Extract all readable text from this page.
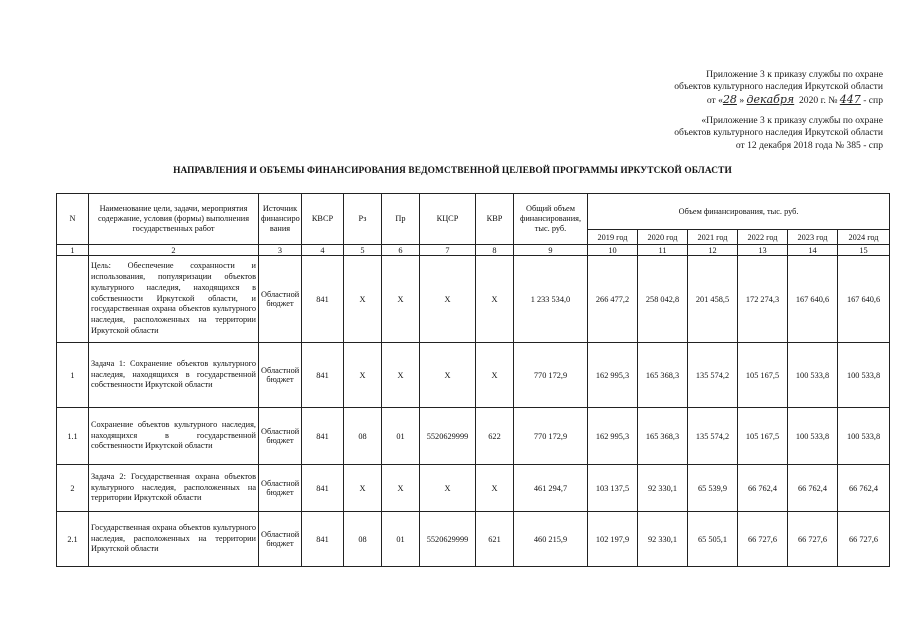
Приложение 3 к приказу службы по охране
объектов культурного наследия Иркутской области
от «28 » декабря 2020 г. № 447 - спр
«Приложение 3 к приказу службы по охране
объектов культурного наследия Иркутской области
от 12 декабря 2018 года № 385 - спр
НАПРАВЛЕНИЯ И ОБЪЕМЫ ФИНАНСИРОВАНИЯ ВЕДОМСТВЕННОЙ ЦЕЛЕВОЙ ПРОГРАММЫ ИРКУТСКОЙ ОБЛАСТИ
N	Наименование цели, задачи, мероприятия содержание, условия (формы) выполнения государственных работ	Источник финансиро вания	КВСР	Рз	Пр	КЦСР	КВР	Общий объем финансирования, тыс. руб.	Объем финансирования, тыс. руб.					
									2019 год	2020 год	2021 год	2022 год	2023 год	2024 год
1	2	3	4	5	6	7	8	9	10	11	12	13	14	15
	Цель: Обеспечение сохранности и использования, популяризации объектов культурного наследия, находящихся в собственности Иркутской области, и государственная охрана объектов культурного наследия, расположенных на территории Иркутской области	Областной бюджет	841	X	X	X	X	1 233 534,0	266 477,2	258 042,8	201 458,5	172 274,3	167 640,6	167 640,6
1	Задача 1: Сохранение объектов культурного наследия, находящихся в государственной собственности Иркутской области	Областной бюджет	841	X	X	X	X	770 172,9	162 995,3	165 368,3	135 574,2	105 167,5	100 533,8	100 533,8
1.1	Сохранение объектов культурного наследия, находящихся в государственной собственности Иркутской области	Областной бюджет	841	08	01	5520629999	622	770 172,9	162 995,3	165 368,3	135 574,2	105 167,5	100 533,8	100 533,8
2	Задача 2: Государственная охрана объектов культурного наследия, расположенных на территории Иркутской области	Областной бюджет	841	X	X	X	X	461 294,7	103 137,5	92 330,1	65 539,9	66 762,4	66 762,4	66 762,4
2.1	Государственная охрана объектов культурного наследия, расположенных на территории Иркутской области	Областной бюджет	841	08	01	5520629999	621	460 215,9	102 197,9	92 330,1	65 505,1	66 727,6	66 727,6	66 727,6
